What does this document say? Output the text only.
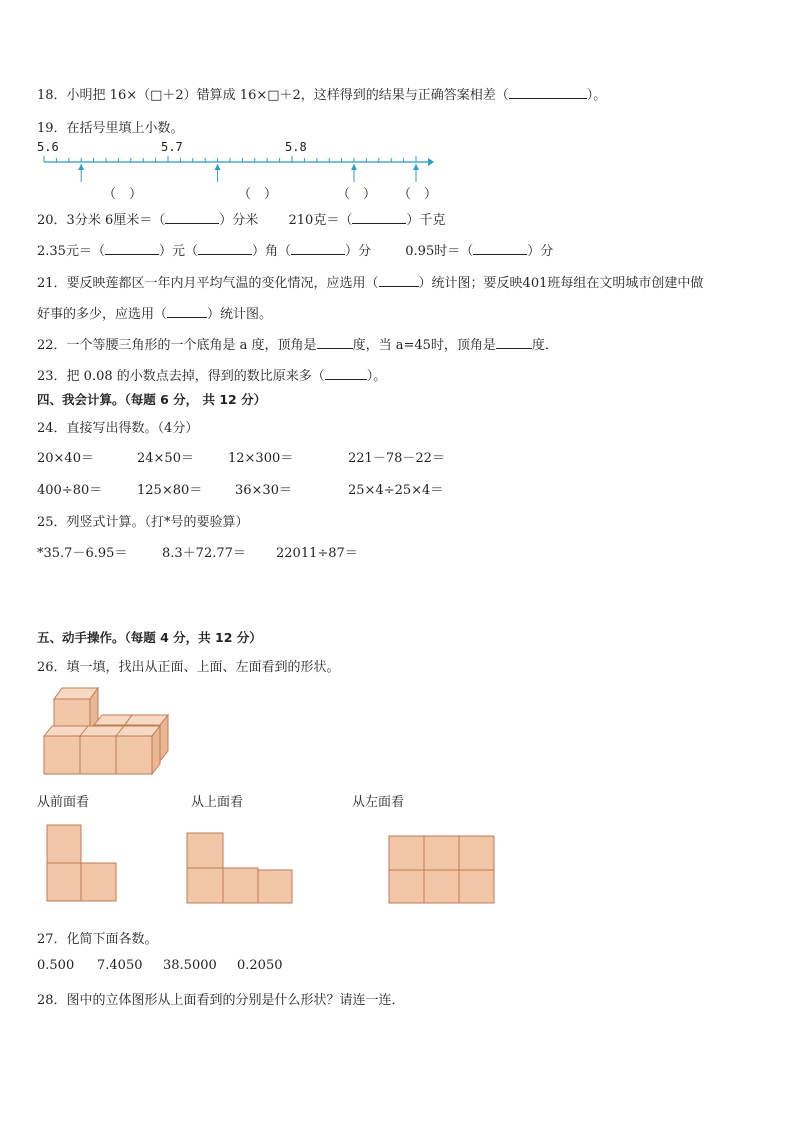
18．小明把 16×（□＋2）错算成 16×□＋2，这样得到的结果与正确答案相差（	）。
19．在括号里填上小数。
5.6	5.7	5.8
（　）	（　）	（　） （　）
20．3分米 6厘米＝（	）分米 210克＝（	）千克
2.35元＝（	）元（	）角（	）分	0.95时＝（	）分
21．要反映莲都区一年内月平均气温的变化情况，应选用（	）统计图；要反映401班每组在文明城市创建中做
好事的多少，应选用（	）统计图。
22．一个等腰三角形的一个底角是 a 度，顶角是	度，当 a=45时，顶角是	度．
23．把 0.08 的小数点去掉，得到的数比原来多（	）。
四、我会计算。（每题 6 分， 共 12 分）
24．直接写出得数。（4分）
20×40＝	24×50＝	12×300＝	221－78－22＝
400÷80＝	125×80＝	36×30＝	25×4÷25×4＝
25．列竖式计算。（打*号的要验算）
*35.7－6.95＝	8.3＋72.77＝ 22011÷87＝
五、动手操作。（每题 4 分，共 12 分）
26．填一填，找出从正面、上面、左面看到的形状。
从前面看	从上面看	从左面看
27．化简下面各数。
0.500 7.4050 38.5000 0.2050
28．图中的立体图形从上面看到的分别是什么形状？请连一连．
